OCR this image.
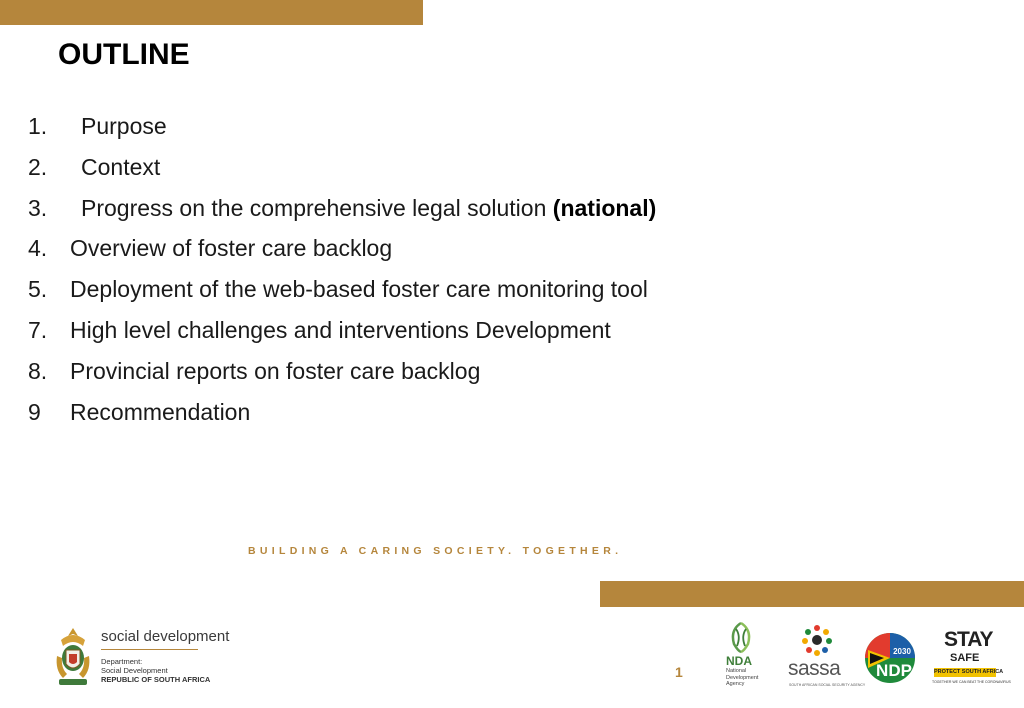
OUTLINE
1. Purpose
2. Context
3. Progress on the comprehensive legal solution (national)
4. Overview of foster care backlog
5. Deployment of the web-based foster care monitoring tool
7. High level challenges and interventions Development
8. Provincial reports on foster care backlog
9 Recommendation
BUILDING A CARING SOCIETY. TOGETHER.
social development
Department:
Social Development
REPUBLIC OF SOUTH AFRICA	1
NDA
National Development Agency
sassa
SOUTH AFRICAN SOCIAL SECURITY AGENCY
2030
NDP
STAY
SAFE
PROTECT SOUTH AFRICA
TOGETHER WE CAN BEAT THE CORONAVIRUS
